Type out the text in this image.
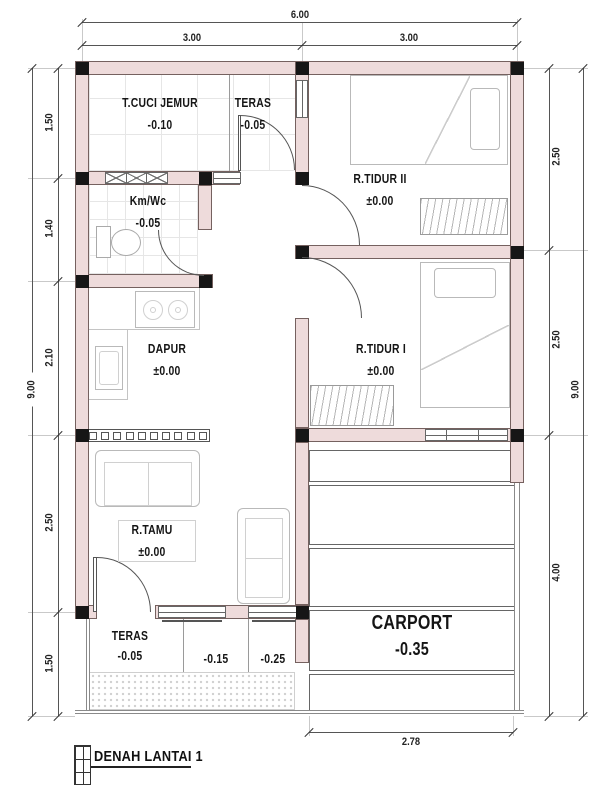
6.00
3.00	3.00
9.00
1.50
1.40
2.10
2.50
1.50
2.50
2.50
4.00
9.00
2.78
T.CUCI JEMUR
-0.10
TERAS
-0.05
R.TIDUR II
±0.00
Km/Wc
-0.05
DAPUR
±0.00
R.TIDUR I
±0.00
R.TAMU
±0.00
TERAS
-0.05	-0.15	-0.25
CARPORT
-0.35
DENAH LANTAI 1
